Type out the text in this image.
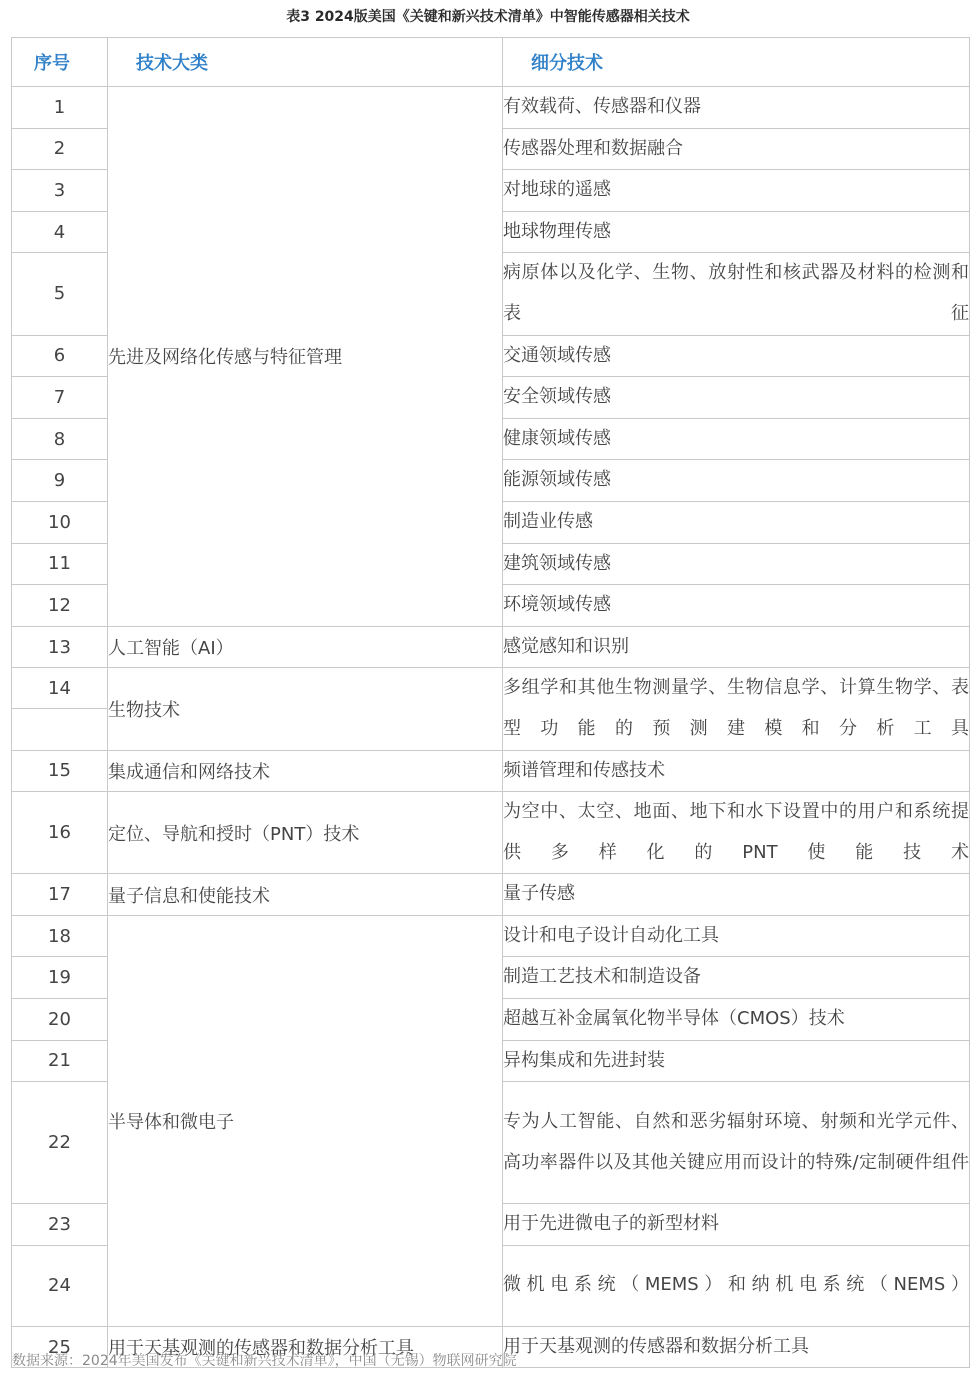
表3 2024版美国《关键和新兴技术清单》中智能传感器相关技术
序号	技术大类	细分技术
1	先进及网络化传感与特征管理	有效载荷、传感器和仪器
2		传感器处理和数据融合
3		对地球的遥感
4		地球物理传感
5		病原体以及化学、生物、放射性和核武器及材料的检测和表征

6		交通领域传感
7		安全领域传感
8		健康领域传感
9		能源领域传感
10		制造业传感
11		建筑领域传感
12		环境领域传感
13	人工智能（AI）	感觉感知和识别
14	生物技术	多组学和其他生物测量学、生物信息学、计算生物学、表型功能的预测建模和分析工具

15	集成通信和网络技术	频谱管理和传感技术
16	定位、导航和授时（PNT）技术	为空中、太空、地面、地下和水下设置中的用户和系统提供多样化的PNT使能技术

17	量子信息和使能技术	量子传感
18	半导体和微电子	设计和电子设计自动化工具
19		制造工艺技术和制造设备
20		超越互补金属氧化物半导体（CMOS）技术
21		异构集成和先进封装
22		专为人工智能、自然和恶劣辐射环境、射频和光学元件、高功率器件以及其他关键应用而设计的特殊/定制硬件组件

23		用于先进微电子的新型材料
24		微机电系统（MEMS）和纳机电系统（NEMS）

25	用于天基观测的传感器和数据分析工具	用于天基观测的传感器和数据分析工具
数据来源：2024年美国发布《关键和新兴技术清单》，中国（无锡）物联网研究院
